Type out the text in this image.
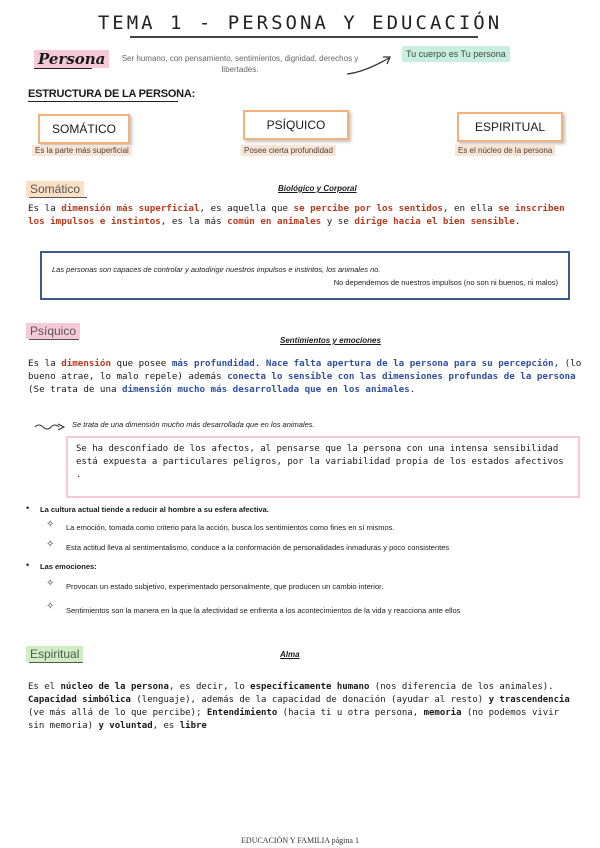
TEMA 1 - PERSONA Y EDUCACIÓN
Persona	Ser humano, con pensamiento, sentimientos, dignidad, derechos y libertades.
Tu cuerpo es Tu persona
ESTRUCTURA DE LA PERSONA:
SOMÁTICO
Es la parte más superficial
PSÍQUICO
Posee cierta profundidad
ESPIRITUAL
Es el núcleo de la persona
Somático	Biológico y Corporal
Es la dimensión más superficial, es aquella que se percibe por los sentidos, en ella se inscriben los impulsos e instintos, es la más común en animales y se dirige hacia el bien sensible.
Las personas son capaces de controlar y autodirigir nuestros impulsos e instintos, los animales no.
No dependemos de nuestros impulsos (no son ni buenos, ni malos)
Psíquico
Sentimientos y emociones
Es la dimensión que posee más profundidad. Nace falta apertura de la persona para su percepción, (lo bueno atrae, lo malo repele) además conecta lo sensible con las dimensiones profundas de la persona (Se trata de una dimensión mucho más desarrollada que en los animales.
Se trata de una dimensión mucho más desarrollada que en los animales.
Se ha desconfiado de los afectos, al pensarse que la persona con una intensa sensibilidad está expuesta a particulares peligros, por la variabilidad propia de los estados afectivos .
• La cultura actual tiende a reducir al hombre a su esfera afectiva.
✧ La emoción, tomada como criterio para la acción, busca los sentimientos como fines en sí mismos.
✧ Esta actitud lleva al sentimentalismo, conduce a la conformación de personalidades inmaduras y poco consistentes
• Las emociones:
✧ Provocan un estado subjetivo, experimentado personalmente, que producen un cambio interior.
✧ Sentimientos son la manera en la que la afectividad se enfrenta a los acontecimientos de la vida y reacciona ante ellos
Espiritual	Alma
Es el núcleo de la persona, es decir, lo específicamente humano (nos diferencia de los animales). Capacidad simbólica (lenguaje), además de la capacidad de donación (ayudar al resto) y trascendencia (ve más allá de lo que percibe); Entendimiento (hacia ti u otra persona, memoria (no podemos vivir sin memoria) y voluntad, es libre
EDUCACIÓN Y FAMILIA página 1
